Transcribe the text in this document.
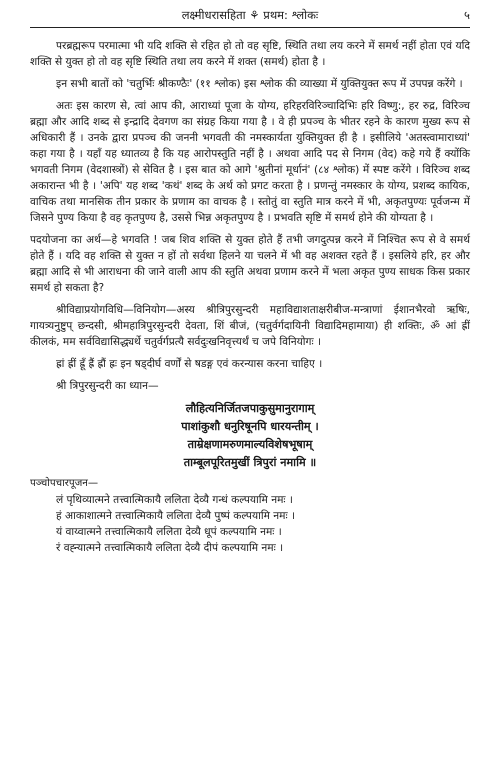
लक्ष्मीधरासहिता ⚘ प्रथम: श्लोकः	५

परब्रह्मरूप परमात्मा भी यदि शक्ति से रहित हो तो वह सृष्टि, स्थिति तथा लय करने में समर्थ नहीं होता एवं यदि शक्ति से युक्त हो तो वह सृष्टि स्थिति तथा लय करने में शक्त (समर्थ) होता है ।

इन सभी बातों को 'चतुर्भिः श्रीकण्ठैः' (११ श्लोक) इस श्लोक की व्याख्या में युक्तियुक्त रूप में उपपन्न करेंगे ।

अतः इस कारण से, त्वां आप की, आराध्यां पूजा के योग्य, हरिहरविरिञ्चादिभिः हरि विष्णु:, हर रुद्र, विरिञ्च ब्रह्मा और आदि शब्द से इन्द्रादि देवगण का संग्रह किया गया है । वे ही प्रपञ्च के भीतर रहने के कारण मुख्य रूप से अधिकारी हैं । उनके द्वारा प्रपञ्च की जननी भगवती की नमस्कार्यता युक्तियुक्त ही है । इसीलिये 'अतस्त्वामाराध्यां' कहा गया है । यहाँ यह ध्यातव्य है कि यह आरोपस्तुति नहीं है । अथवा आदि पद से निगम (वेद) कहे गये हैं क्योंकि भगवती निगम (वेदशास्त्रों) से सेवित है । इस बात को आगे 'श्रुतीनां मूर्धानं' (८४ श्लोक) में स्पष्ट करेंगे । विरिञ्च शब्द अकारान्त भी है । 'अपि' यह शब्द 'कथं' शब्द के अर्थ को प्रगट करता है । प्रणन्तुं नमस्कार के योग्य, प्रशब्द कायिक, वाचिक तथा मानसिक तीन प्रकार के प्रणाम का वाचक है । स्तोतुं वा स्तुति मात्र करने में भी, अकृतपुण्यः पूर्वजन्म में जिसने पुण्य किया है वह कृतपुण्य है, उससे भिन्न अकृतपुण्य है । प्रभवति सृष्टि में समर्थ होने की योग्यता है ।

पदयोजना का अर्थ—हे भगवति ! जब शिव शक्ति से युक्त होते हैं तभी जगदुत्पन्न करने में निश्चित रूप से वे समर्थ होते हैं । यदि वह शक्ति से युक्त न हों तो सर्वथा हिलने या चलने में भी वह अशक्त रहते हैं । इसलिये हरि, हर और ब्रह्मा आदि से भी आराधना की जाने वाली आप की स्तुति अथवा प्रणाम करने में भला अकृत पुण्य साधक किस प्रकार समर्थ हो सकता है?

श्रीविद्याप्रयोगविधि—विनियोग—अस्य श्रीत्रिपुरसुन्दरी महाविद्याशताक्षरीबीज-मन्त्राणां ईशानभैरवो ऋषिः, गायत्र्यनुष्टुप् छन्दसी, श्रीमहात्रिपुरसुन्दरी देवता, शिं बीजं, (चतुर्वर्गदायिनी विद्यादिमहामाया) ही शक्तिः, ॐ आं ह्रीं कीलकं, मम सर्वविद्यासिद्ध्यर्थे चतुर्वर्गप्रत्यै सर्वदुःखनिवृत्त्यर्थं च जपे विनियोगः ।

ह्रां ह्रीं ह्रूँ ह्रैं ह्रौं ह्रः इन षड्दीर्घ वर्णों से षडङ्ग एवं करन्यास करना चाहिए ।

श्री त्रिपुरसुन्दरी का ध्यान—

लौहित्यनिर्जितजपाकुसुमानुरागाम्
पाशांकुशौ धनुरिषूनपि धारयन्तीम् ।
ताम्रेक्षणामरुणमाल्यविशेषभूषाम्
ताम्बूलपूरितमुखीं त्रिपुरां नमामि ॥
पञ्चोपचारपूजन—
लं पृथिव्यात्मने तत्त्वात्मिकायै ललिता देव्यै गन्धं कल्पयामि नमः ।
हं आकाशात्मने तत्त्वात्मिकायै ललिता देव्यै पुष्पं कल्पयामि नमः ।
यं वाय्वात्मने तत्त्वात्मिकायै ललिता देव्यै धूपं कल्पयामि नमः ।
रं वह्न्यात्मने तत्त्वात्मिकायै ललिता देव्यै दीपं कल्पयामि नमः ।
